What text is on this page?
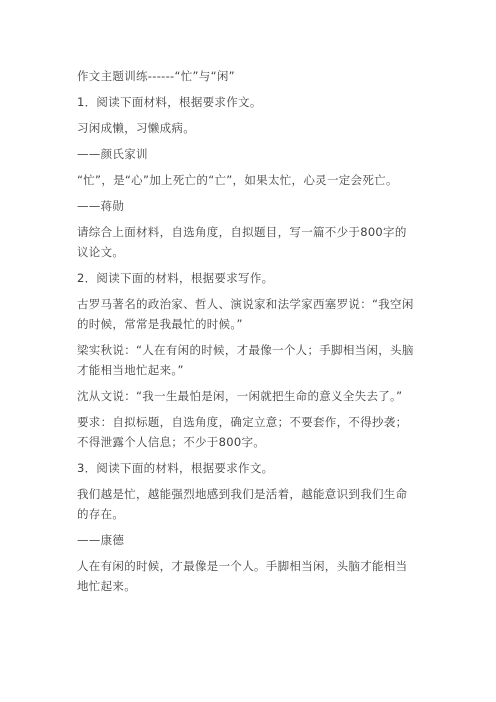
作文主题训练------“忙”与“闲”

1．阅读下面材料，根据要求作文。

习闲成懒，习懒成病。

——颜氏家训

“忙”，是“心”加上死亡的“亡”，如果太忙，心灵一定会死亡。

——蒋勋

请综合上面材料，自选角度，自拟题目，写一篇不少于800字的议论文。

2．阅读下面的材料，根据要求写作。

古罗马著名的政治家、哲人、演说家和法学家西塞罗说：“我空闲的时候，常常是我最忙的时候。”

梁实秋说：“人在有闲的时候，才最像一个人；手脚相当闲，头脑才能相当地忙起来。”

沈从文说：“我一生最怕是闲，一闲就把生命的意义全失去了。”

要求：自拟标题，自选角度，确定立意；不要套作，不得抄袭；不得泄露个人信息；不少于800字。

3．阅读下面的材料，根据要求作文。

我们越是忙，越能强烈地感到我们是活着，越能意识到我们生命的存在。

——康德

人在有闲的时候，才最像是一个人。手脚相当闲，头脑才能相当地忙起来。
